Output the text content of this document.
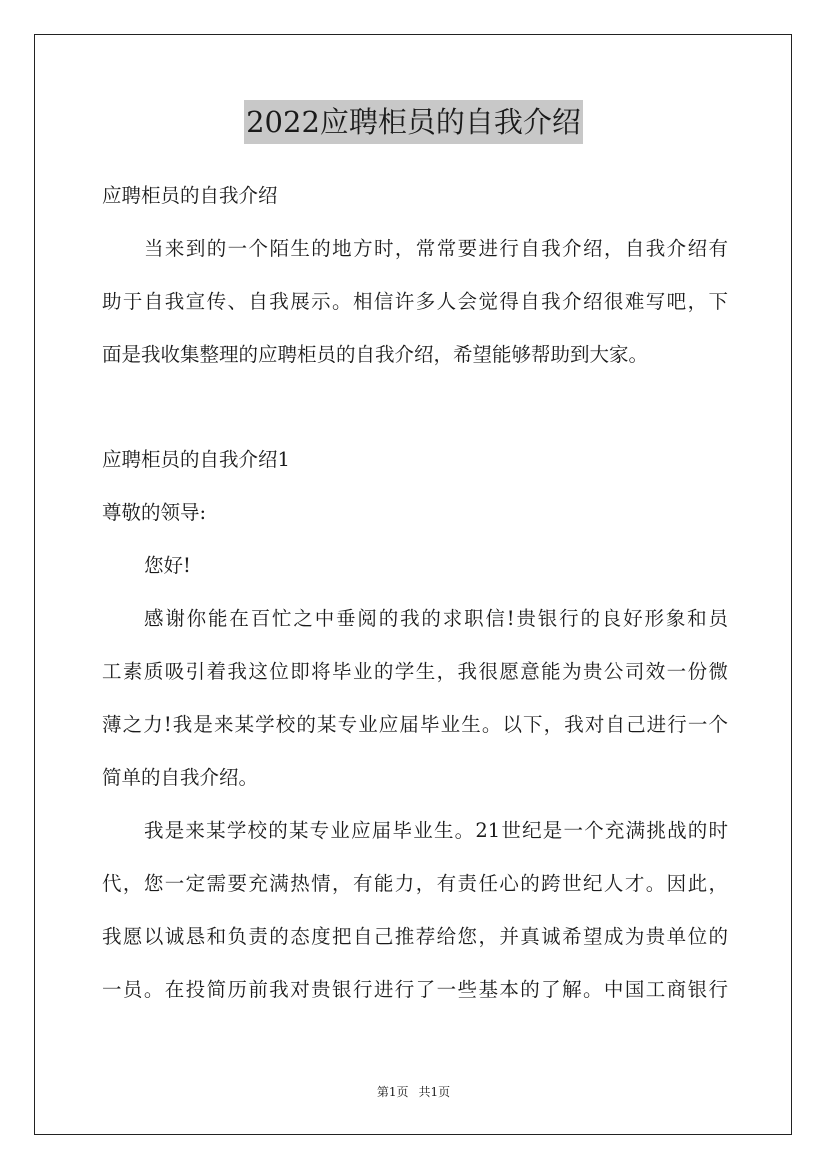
2022应聘柜员的自我介绍
应聘柜员的自我介绍
当来到的一个陌生的地方时，常常要进行自我介绍，自我介绍有
助于自我宣传、自我展示。相信许多人会觉得自我介绍很难写吧，下
面是我收集整理的应聘柜员的自我介绍，希望能够帮助到大家。
应聘柜员的自我介绍1
尊敬的领导:
您好!
感谢你能在百忙之中垂阅的我的求职信!贵银行的良好形象和员
工素质吸引着我这位即将毕业的学生，我很愿意能为贵公司效一份微
薄之力!我是来某学校的某专业应届毕业生。以下，我对自己进行一个
简单的自我介绍。
我是来某学校的某专业应届毕业生。21世纪是一个充满挑战的时
代，您一定需要充满热情，有能力，有责任心的跨世纪人才。因此，
我愿以诚恳和负责的态度把自己推荐给您，并真诚希望成为贵单位的
一员。在投简历前我对贵银行进行了一些基本的了解。中国工商银行
第1页 共1页
